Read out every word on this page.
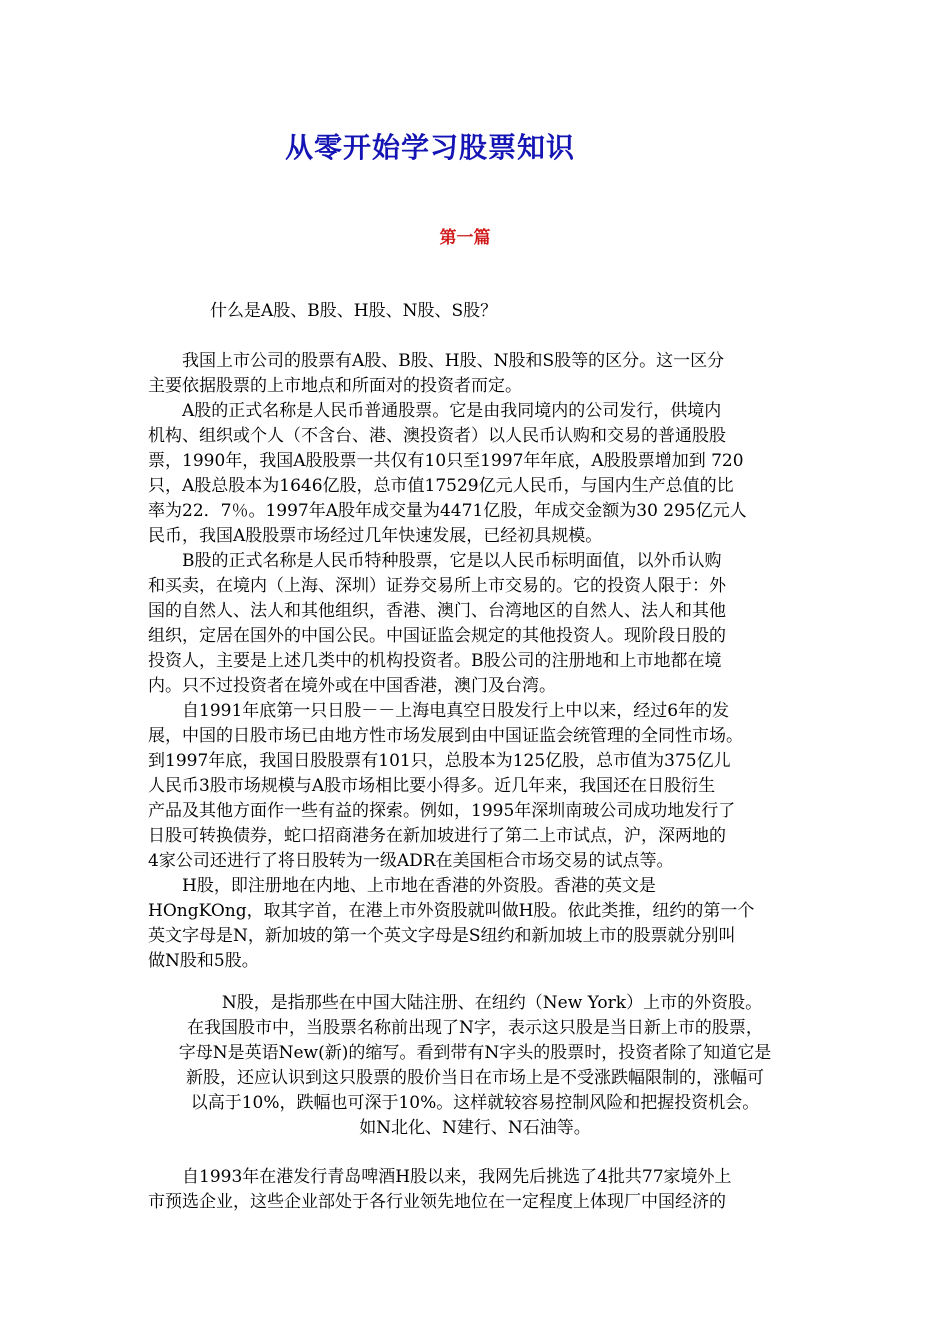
从零开始学习股票知识
第一篇
什么是A股、B股、H股、N股、S股？
　　我国上市公司的股票有A股、B股、H股、N股和S股等的区分。这一区分
主要依据股票的上市地点和所面对的投资者而定。
　　A股的正式名称是人民币普通股票。它是由我同境内的公司发行，供境内
机构、组织或个人（不含台、港、澳投资者）以人民币认购和交易的普通股股
票，1990年，我国A股股票一共仅有10只至1997年年底，A股股票增加到 720
只，A股总股本为1646亿股，总市值17529亿元人民币，与国内生产总值的比
率为22．7％。1997年A股年成交量为4471亿股，年成交金额为30 295亿元人
民币，我国A股股票市场经过几年快速发展，已经初具规模。
　　B股的正式名称是人民币特种股票，它是以人民币标明面值，以外币认购
和买卖，在境内（上海、深圳）证券交易所上市交易的。它的投资人限于：外
国的自然人、法人和其他组织，香港、澳门、台湾地区的自然人、法人和其他
组织，定居在国外的中国公民。中国证监会规定的其他投资人。现阶段日股的
投资人，主要是上述几类中的机构投资者。B股公司的注册地和上市地都在境
内。只不过投资者在境外或在中国香港，澳门及台湾。
　　自1991年底第一只日股－－上海电真空日股发行上中以来，经过6年的发
展，中国的日股市场已由地方性市场发展到由中国证监会统管理的全同性市场。
到1997年底，我国日股股票有101只，总股本为125亿股，总市值为375亿儿
人民币3股市场规模与A股市场相比要小得多。近几年来，我国还在日股衍生
产品及其他方面作一些有益的探索。例如，1995年深圳南玻公司成功地发行了
日股可转换债券，蛇口招商港务在新加坡进行了第二上市试点，沪，深两地的
4家公司还进行了将日股转为一级ADR在美国柜合市场交易的试点等。
　　H股，即注册地在内地、上市地在香港的外资股。香港的英文是
HOngKOng，取其字首，在港上市外资股就叫做H股。依此类推，纽约的第一个
英文字母是N，新加坡的第一个英文字母是S纽约和新加坡上市的股票就分别叫
做N股和5股。
　　N股，是指那些在中国大陆注册、在纽约（New York）上市的外资股。
在我国股市中，当股票名称前出现了N字，表示这只股是当日新上市的股票，
字母N是英语New(新)的缩写。看到带有N字头的股票时，投资者除了知道它是
新股，还应认识到这只股票的股价当日在市场上是不受涨跌幅限制的，涨幅可
以高于10%，跌幅也可深于10%。这样就较容易控制风险和把握投资机会。
如N北化、N建行、N石油等。
　　自1993年在港发行青岛啤酒H股以来，我网先后挑选了4批共77家境外上
市预选企业，这些企业部处于各行业领先地位在一定程度上体现厂中国经济的
